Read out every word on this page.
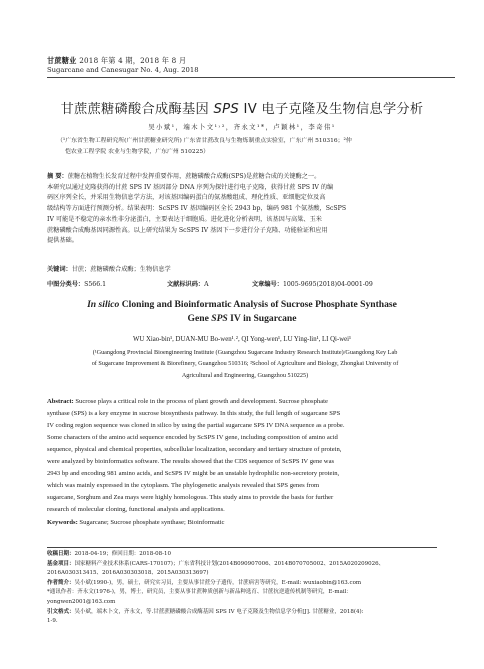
甘蔗糖业 2018 年第 4 期，2018 年 8 月
Sugarcane and Canesugar No. 4, Aug. 2018
甘蔗蔗糖磷酸合成酶基因 SPS IV 电子克隆及生物信息学分析
吴小斌¹，端木卜文¹˒²，齐永文¹*，卢颖林¹，李奇伟¹
（¹广东省生物工程研究所(广州甘蔗糖业研究所) 广东省甘蔗改良与生物炼制重点实验室，广东广州 510316；²仲
恺农业工程学院 农业与生物学院，广东广州 510225）
摘 要：蔗糖在植物生长发育过程中发挥重要作用，蔗糖磷酸合成酶(SPS)是蔗糖合成的关键酶之一。
本研究以通过克隆获得的甘蔗 SPS IV 基因部分 DNA 序列为探针进行电子克隆，获得甘蔗 SPS IV 的编
码区序列全长，并采用生物信息学方法，对该基因编码蛋白的氨基酸组成、理化性质、亚细胞定位及高
级结构等方面进行预测分析。结果表明：ScSPS IV 基因编码区全长 2943 bp，编码 981 个氨基酸，ScSPS
IV 可能是不稳定的亲水性非分泌蛋白，主要表达于细胞质。进化进化分析表明，该基因与高粱、玉米
蔗糖磷酸合成酶基因同源性高。以上研究结果为 ScSPS IV 基因下一步进行分子克隆、功能验证和应用
提供基础。
关键词：甘蔗；蔗糖磷酸合成酶；生物信息学
中图分类号：S566.1	文献标识码：A	文章编号：1005-9695(2018)04-0001-09
In silico Cloning and Bioinformatic Analysis of Sucrose Phosphate Synthase
Gene SPS IV in Sugarcane
WU Xiao-bin¹, DUAN-MU Bo-wen¹˒², QI Yong-wen¹, LU Ying-lin¹, LI Qi-wei¹
(¹Guangdong Provincial Bioengineering Institute (Guangzhou Sugarcane Industry Research Institute)/Guangdong Key Lab
of Sugarcane Improvement & Biorefinery, Guangzhou 510316; ²School of Agriculture and Biology, Zhongkai University of
Agricultural and Engineering, Guangzhou 510225)
Abstract: Sucrose plays a critical role in the process of plant growth and development. Sucrose phosphate
synthase (SPS) is a key enzyme in sucrose biosynthesis pathway. In this study, the full length of sugarcane SPS
IV coding region sequence was cloned in silico by using the partial sugarcane SPS IV DNA sequence as a probe.
Some characters of the amino acid sequence encoded by ScSPS IV gene, including composition of amino acid
sequence, physical and chemical properties, subcellular localization, secondary and tertiary structure of protein,
were analyzed by bioinformatics software. The results showed that the CDS sequence of ScSPS IV gene was
2943 bp and encoding 981 amino acids, and ScSPS IV might be an unstable hydrophilic non-secretory protein,
which was mainly expressed in the cytoplasm. The phylogenetic analysis revealed that SPS genes from
sugarcane, Sorghum and Zea mays were highly homologous. This study aims to provide the basis for further
research of molecular cloning, functional analysis and applications.
Keywords: Sugarcane; Sucrose phosphate synthase; Bioinformatic

收稿日期：2018-04-19；修回日期：2018-08-10

基金项目：国家糖料产业技术体系(CARS-170107)；广东省科技计划(2014B090907006、2014B070705002、2015A020209026、

2016A030313415、2016A030303018、2015A030313697)

作者简介：吴小斌(1990-)，男，硕士，研究实习员，主要从事甘蔗分子遗传，甘蔗病害等研究，E-mail: wuxiaobin@163.com

*通讯作者：齐永文(1976-)，男，博士，研究员，主要从事甘蔗种质创新与新品种选育、甘蔗抗逆遗传机制等研究，E-mail：

yongwen2001@163.com

引文格式：吴小斌，端木卜文，齐永文，等.甘蔗蔗糖磷酸合成酶基因 SPS IV 电子克隆及生物信息学分析[J]. 甘蔗糖业，2018(4):

1-9.
